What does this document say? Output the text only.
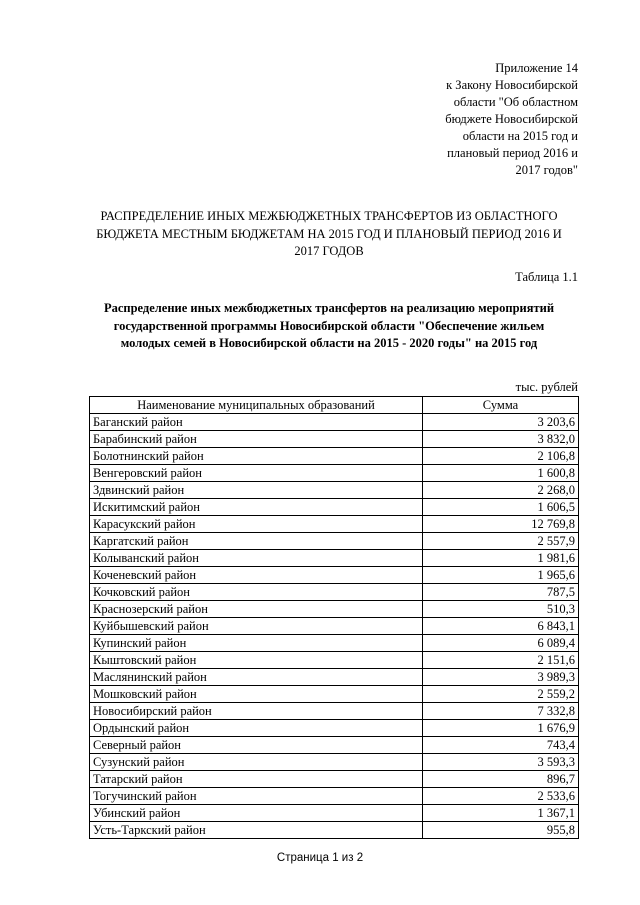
Приложение 14
к Закону Новосибирской
области "Об областном
бюджете Новосибирской
области на 2015 год и
плановый период 2016 и
2017 годов"
РАСПРЕДЕЛЕНИЕ ИНЫХ МЕЖБЮДЖЕТНЫХ ТРАНСФЕРТОВ ИЗ ОБЛАСТНОГО
БЮДЖЕТА МЕСТНЫМ БЮДЖЕТАМ НА 2015 ГОД И ПЛАНОВЫЙ ПЕРИОД 2016 И
2017 ГОДОВ
Таблица 1.1
Распределение иных межбюджетных трансфертов на реализацию мероприятий
государственной программы Новосибирской области "Обеспечение жильем
молодых семей в Новосибирской области на 2015 - 2020 годы" на 2015 год
тыс. рублей
Наименование муниципальных образований	Сумма
Баганский район	3 203,6
Барабинский район	3 832,0
Болотнинский район	2 106,8
Венгеровский район	1 600,8
Здвинский район	2 268,0
Искитимский район	1 606,5
Карасукский район	12 769,8
Каргатский район	2 557,9
Колыванский район	1 981,6
Коченевский район	1 965,6
Кочковский район	787,5
Краснозерский район	510,3
Куйбышевский район	6 843,1
Купинский район	6 089,4
Кыштовский район	2 151,6
Маслянинский район	3 989,3
Мошковский район	2 559,2
Новосибирский район	7 332,8
Ордынский район	1 676,9
Северный район	743,4
Сузунский район	3 593,3
Татарский район	896,7
Тогучинский район	2 533,6
Убинский район	1 367,1
Усть-Таркский район	955,8
Страница 1 из 2
